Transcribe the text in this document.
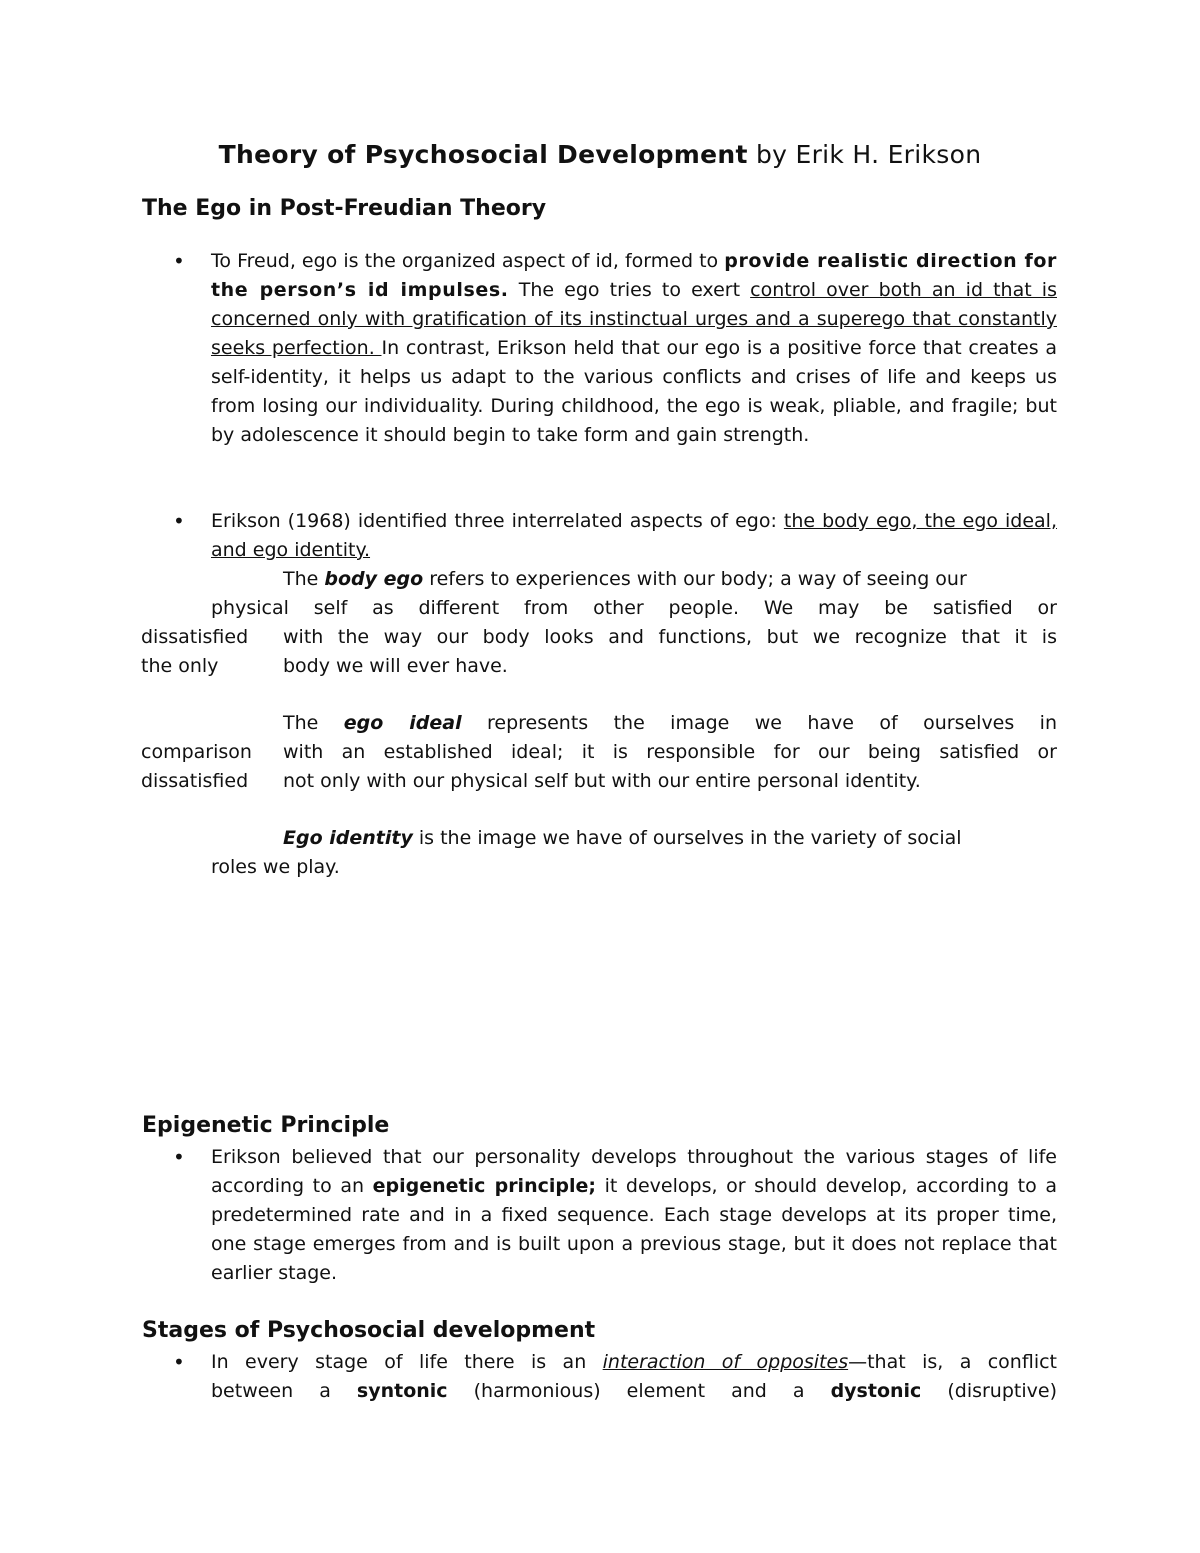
Theory of Psychosocial Development by Erik H. Erikson
The Ego in Post-Freudian Theory
• To Freud, ego is the organized aspect of id, formed to provide realistic direction for the person’s id impulses. The ego tries to exert control over both an id that is concerned only with gratification of its instinctual urges and a superego that constantly seeks perfection. In contrast, Erikson held that our ego is a positive force that creates a self-identity, it helps us adapt to the various conflicts and crises of life and keeps us from losing our individuality. During childhood, the ego is weak, pliable, and fragile; but by adolescence it should begin to take form and gain strength.

• Erikson (1968) identified three interrelated aspects of ego: the body ego, the ego ideal, and ego identity.

The body ego refers to experiences with our body; a way of seeing our
physical self as different from other people. We may be satisfied or
dissatisfied with the way our body looks and functions, but we recognize that it is
the only	body we will ever have.
The ego ideal represents the image we have of ourselves in
comparison with an established ideal; it is responsible for our being satisfied or
dissatisfied not only with our physical self but with our entire personal identity.
Ego identity is the image we have of ourselves in the variety of social
roles we play.
Epigenetic Principle
• Erikson believed that our personality develops throughout the various stages of life according to an epigenetic principle; it develops, or should develop, according to a predetermined rate and in a fixed sequence. Each stage develops at its proper time, one stage emerges from and is built upon a previous stage, but it does not replace that earlier stage.

Stages of Psychosocial development
• In every stage of life there is an interaction of opposites—that is, a conflict
between a syntonic (harmonious) element and a dystonic (disruptive)
